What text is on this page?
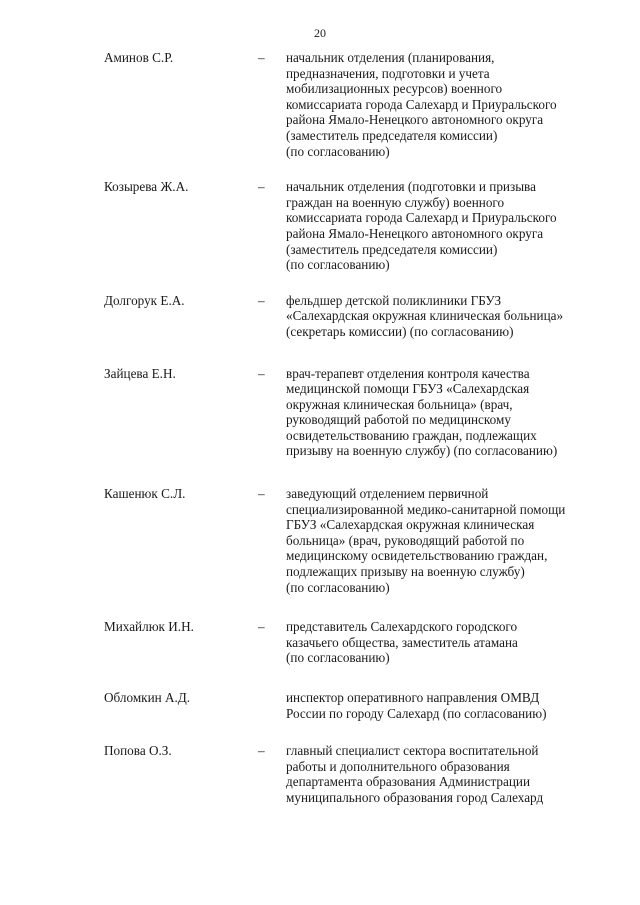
20
Аминов С.Р.	– начальник отделения (планирования,
предназначения, подготовки и учета
мобилизационных ресурсов) военного
комиссариата города Салехард и Приуральского
района Ямало-Ненецкого автономного округа
(заместитель председателя комиссии)
(по согласованию)
Козырева Ж.А.	– начальник отделения (подготовки и призыва
граждан на военную службу) военного
комиссариата города Салехард и Приуральского
района Ямало-Ненецкого автономного округа
(заместитель председателя комиссии)
(по согласованию)
Долгорук Е.А.	– фельдшер детской поликлиники ГБУЗ
«Салехардская окружная клиническая больница»
(секретарь комиссии) (по согласованию)
Зайцева Е.Н.	– врач-терапевт отделения контроля качества
медицинской помощи ГБУЗ «Салехардская
окружная клиническая больница» (врач,
руководящий работой по медицинскому
освидетельствованию граждан, подлежащих
призыву на военную службу) (по согласованию)
Кашенюк С.Л.	– заведующий отделением первичной
специализированной медико-санитарной помощи
ГБУЗ «Салехардская окружная клиническая
больница» (врач, руководящий работой по
медицинскому освидетельствованию граждан,
подлежащих призыву на военную службу)
(по согласованию)
Михайлюк И.Н.	– представитель Салехардского городского
казачьего общества, заместитель атамана
(по согласованию)
Обломкин А.Д.	инспектор оперативного направления ОМВД
России по городу Салехард (по согласованию)
Попова О.З.	– главный специалист сектора воспитательной
работы и дополнительного образования
департамента образования Администрации
муниципального образования город Салехард
